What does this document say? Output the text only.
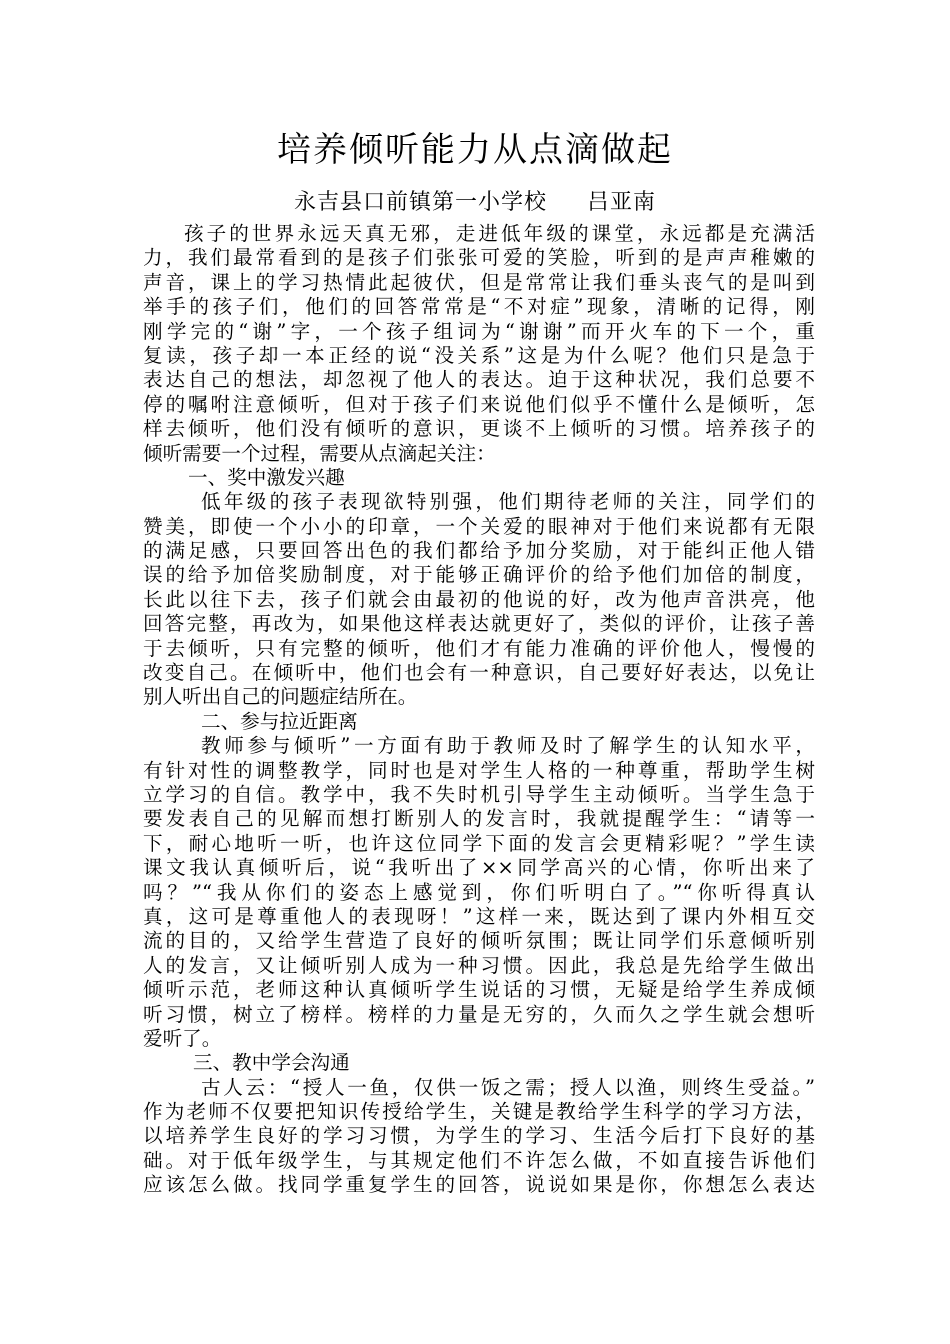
培养倾听能力从点滴做起
永吉县口前镇第一小学校 吕亚南
孩子的世界永远天真无邪，走进低年级的课堂，永远都是充满活
力，我们最常看到的是孩子们张张可爱的笑脸，听到的是声声稚嫩的
声音，课上的学习热情此起彼伏，但是常常让我们垂头丧气的是叫到
举手的孩子们，他们的回答常常是“不对症”现象，清晰的记得，刚
刚学完的“谢”字，一个孩子组词为“谢谢”而开火车的下一个，重
复读，孩子却一本正经的说“没关系”这是为什么呢？他们只是急于
表达自己的想法，却忽视了他人的表达。迫于这种状况，我们总要不
停的嘱咐注意倾听，但对于孩子们来说他们似乎不懂什么是倾听，怎
样去倾听，他们没有倾听的意识，更谈不上倾听的习惯。培养孩子的
倾听需要一个过程，需要从点滴起关注：
一、奖中激发兴趣
低年级的孩子表现欲特别强，他们期待老师的关注，同学们的
赞美，即使一个小小的印章，一个关爱的眼神对于他们来说都有无限
的满足感，只要回答出色的我们都给予加分奖励，对于能纠正他人错
误的给予加倍奖励制度，对于能够正确评价的给予他们加倍的制度，
长此以往下去，孩子们就会由最初的他说的好，改为他声音洪亮，他
回答完整，再改为，如果他这样表达就更好了，类似的评价，让孩子善
于去倾听，只有完整的倾听，他们才有能力准确的评价他人，慢慢的
改变自己。在倾听中，他们也会有一种意识，自己要好好表达，以免让
别人听出自己的问题症结所在。
二、参与拉近距离
教师参与倾听”一方面有助于教师及时了解学生的认知水平，
有针对性的调整教学，同时也是对学生人格的一种尊重，帮助学生树
立学习的自信。教学中，我不失时机引导学生主动倾听。当学生急于
要发表自己的见解而想打断别人的发言时，我就提醒学生：“请等一
下，耐心地听一听，也许这位同学下面的发言会更精彩呢？”学生读
课文我认真倾听后，说“我听出了××同学高兴的心情，你听出来了
吗？”“我从你们的姿态上感觉到，你们听明白了。”“你听得真认
真，这可是尊重他人的表现呀！”这样一来，既达到了课内外相互交
流的目的，又给学生营造了良好的倾听氛围；既让同学们乐意倾听别
人的发言，又让倾听别人成为一种习惯。因此，我总是先给学生做出
倾听示范，老师这种认真倾听学生说话的习惯，无疑是给学生养成倾
听习惯，树立了榜样。榜样的力量是无穷的，久而久之学生就会想听
爱听了。
三、教中学会沟通
古人云：“授人一鱼，仅供一饭之需；授人以渔，则终生受益。”
作为老师不仅要把知识传授给学生，关键是教给学生科学的学习方法，
以培养学生良好的学习习惯，为学生的学习、生活今后打下良好的基
础。对于低年级学生，与其规定他们不许怎么做，不如直接告诉他们
应该怎么做。找同学重复学生的回答，说说如果是你，你想怎么表达
